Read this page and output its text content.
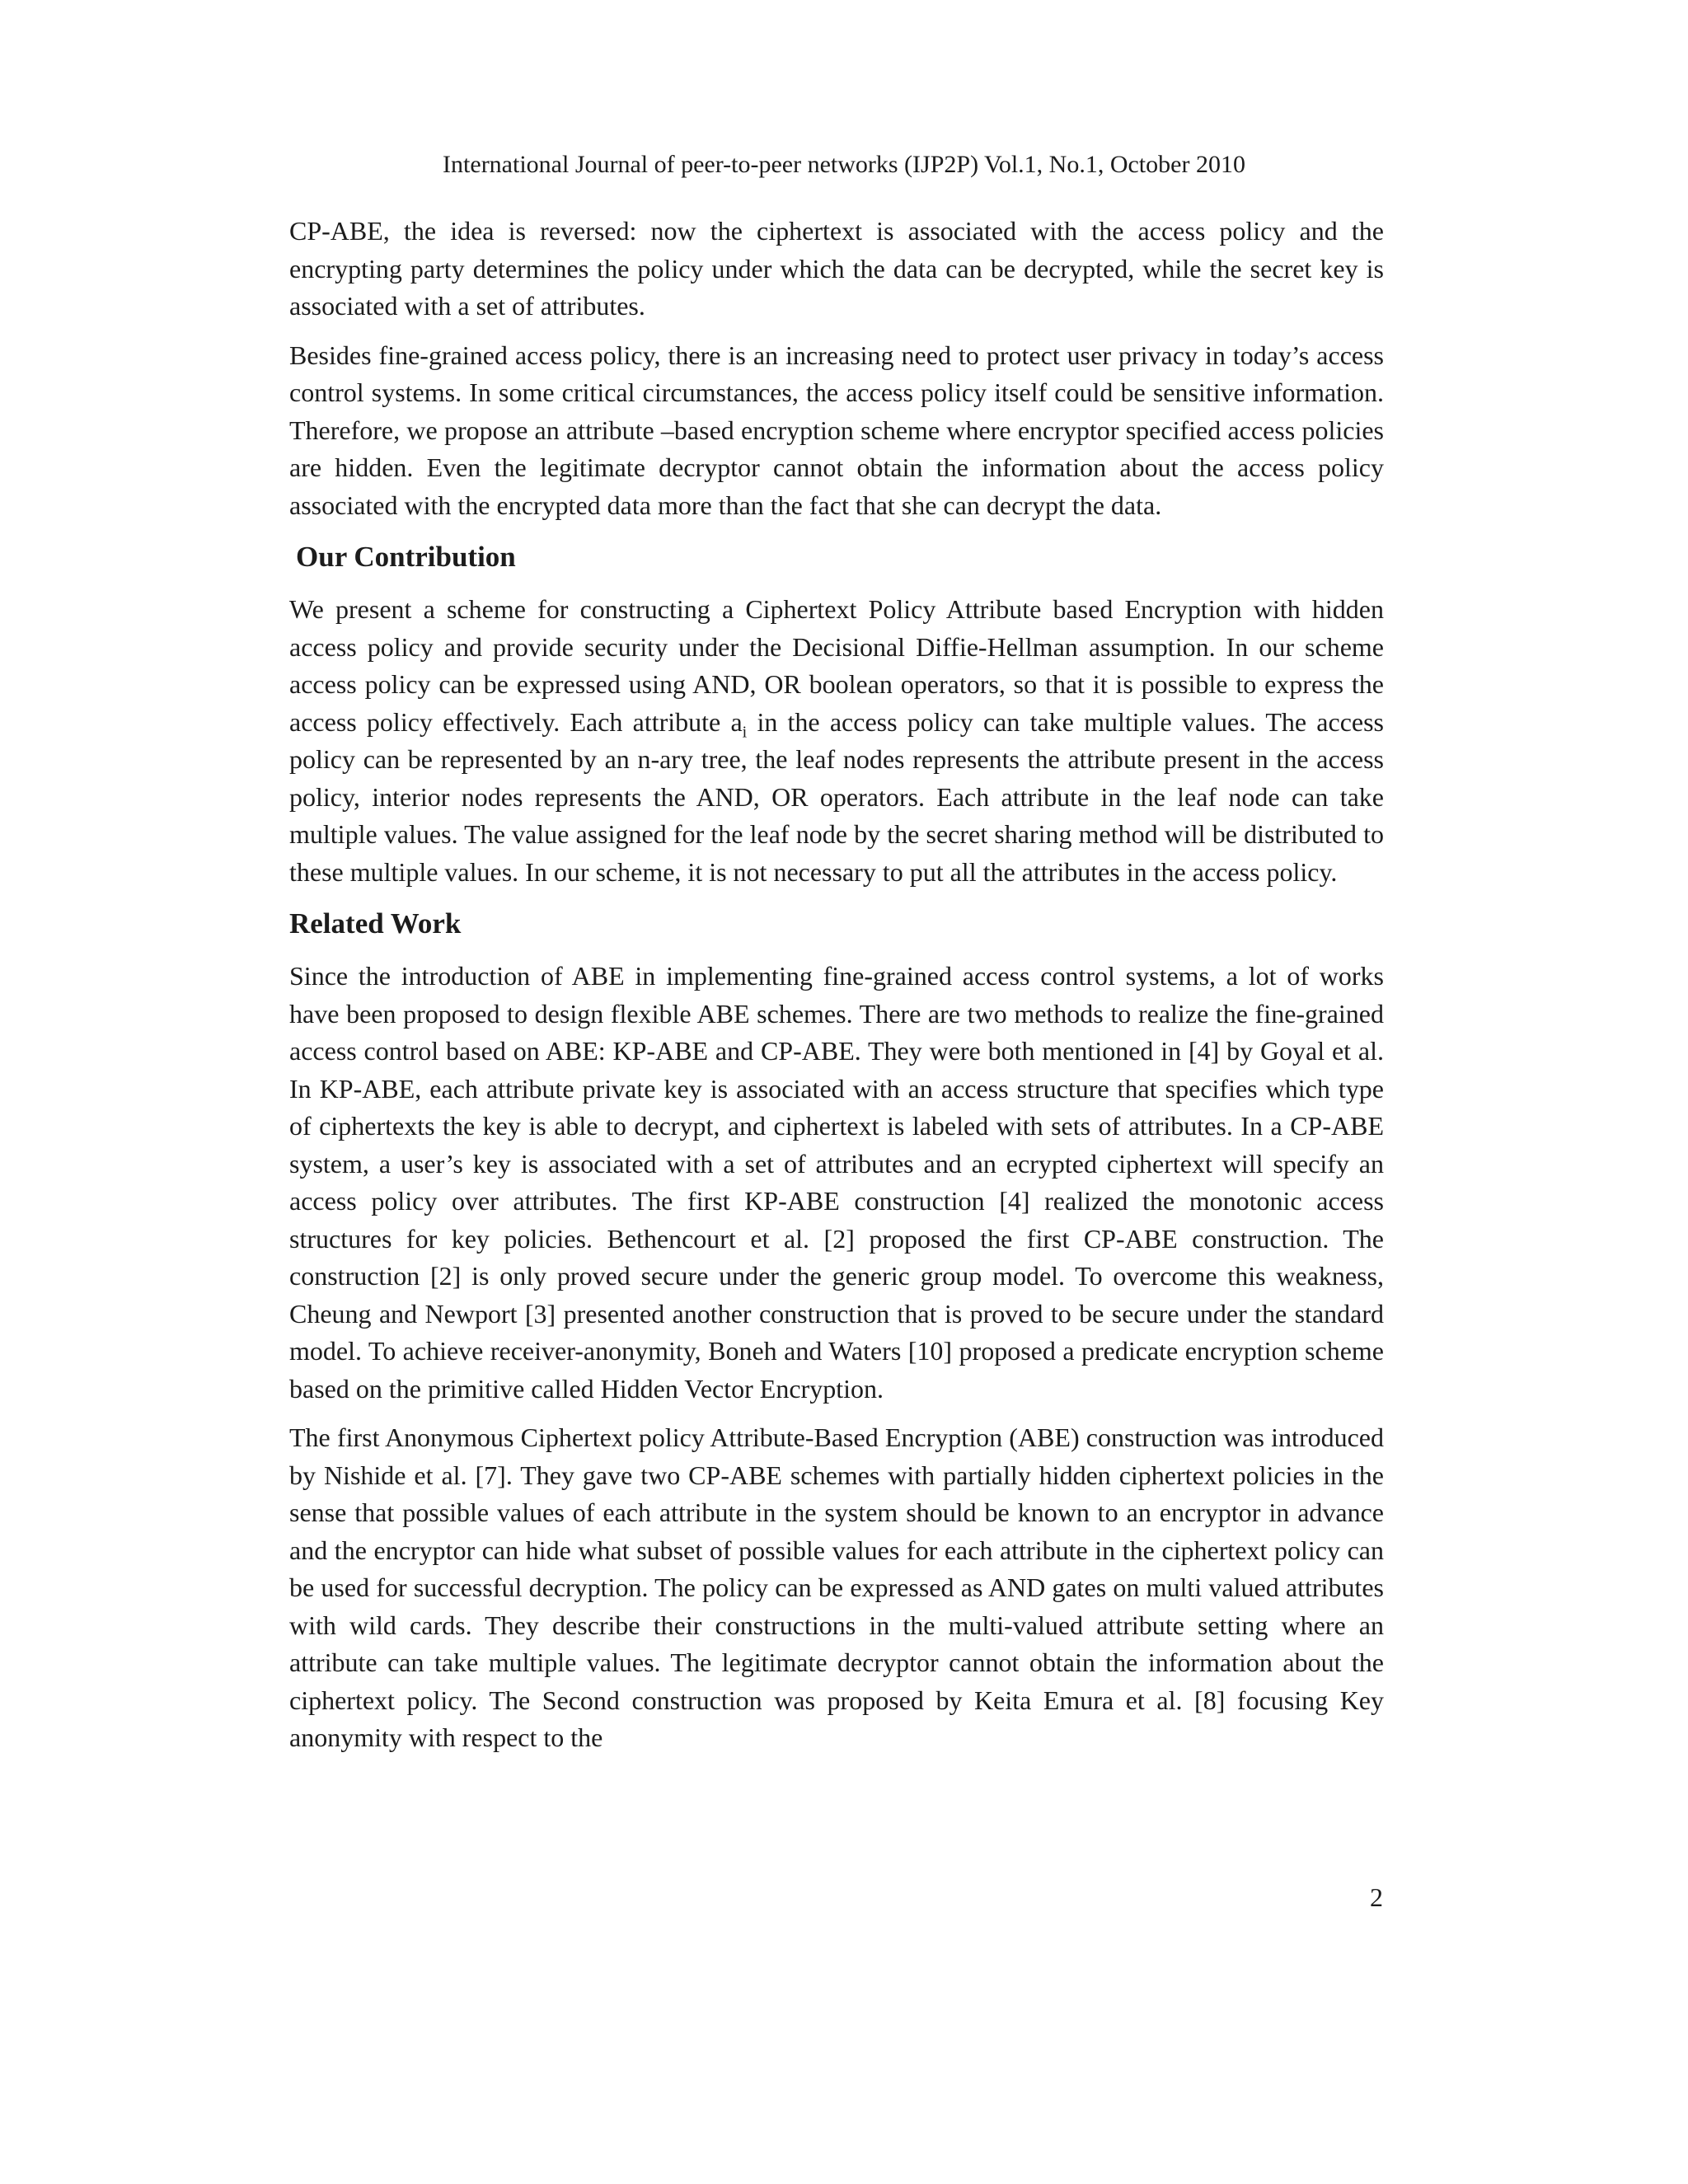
International Journal of peer-to-peer networks (IJP2P) Vol.1, No.1, October 2010

CP-ABE, the idea is reversed: now the ciphertext is associated with the access policy and the encrypting party determines the policy under which the data can be decrypted, while the secret key is associated with a set of attributes.

Besides fine-grained access policy, there is an increasing need to protect user privacy in today’s access control systems. In some critical circumstances, the access policy itself could be sensitive information. Therefore, we propose an attribute –based encryption scheme where encryptor specified access policies are hidden. Even the legitimate decryptor cannot obtain the information about the access policy associated with the encrypted data more than the fact that she can decrypt the data.

Our Contribution

We present a scheme for constructing a Ciphertext Policy Attribute based Encryption with hidden access policy and provide security under the Decisional Diffie-Hellman assumption. In our scheme access policy can be expressed using AND, OR boolean operators, so that it is possible to express the access policy effectively. Each attribute $a_i$ in the access policy can take multiple values. The access policy can be represented by an n-ary tree, the leaf nodes represents the attribute present in the access policy, interior nodes represents the AND, OR operators. Each attribute in the leaf node can take multiple values. The value assigned for the leaf node by the secret sharing method will be distributed to these multiple values. In our scheme, it is not necessary to put all the attributes in the access policy.

Related Work

Since the introduction of ABE in implementing fine-grained access control systems, a lot of works have been proposed to design flexible ABE schemes. There are two methods to realize the fine-grained access control based on ABE: KP-ABE and CP-ABE. They were both mentioned in [4] by Goyal et al. In KP-ABE, each attribute private key is associated with an access structure that specifies which type of ciphertexts the key is able to decrypt, and ciphertext is labeled with sets of attributes. In a CP-ABE system, a user’s key is associated with a set of attributes and an ecrypted ciphertext will specify an access policy over attributes. The first KP-ABE construction [4] realized the monotonic access structures for key policies. Bethencourt et al. [2] proposed the first CP-ABE construction. The construction [2] is only proved secure under the generic group model. To overcome this weakness, Cheung and Newport [3] presented another construction that is proved to be secure under the standard model. To achieve receiver-anonymity, Boneh and Waters [10] proposed a predicate encryption scheme based on the primitive called Hidden Vector Encryption.

The first Anonymous Ciphertext policy Attribute-Based Encryption (ABE) construction was introduced by Nishide et al. [7]. They gave two CP-ABE schemes with partially hidden ciphertext policies in the sense that possible values of each attribute in the system should be known to an encryptor in advance and the encryptor can hide what subset of possible values for each attribute in the ciphertext policy can be used for successful decryption. The policy can be expressed as AND gates on multi valued attributes with wild cards. They describe their constructions in the multi-valued attribute setting where an attribute can take multiple values. The legitimate decryptor cannot obtain the information about the ciphertext policy. The Second construction was proposed by Keita Emura et al. [8] focusing Key anonymity with respect to the

2
